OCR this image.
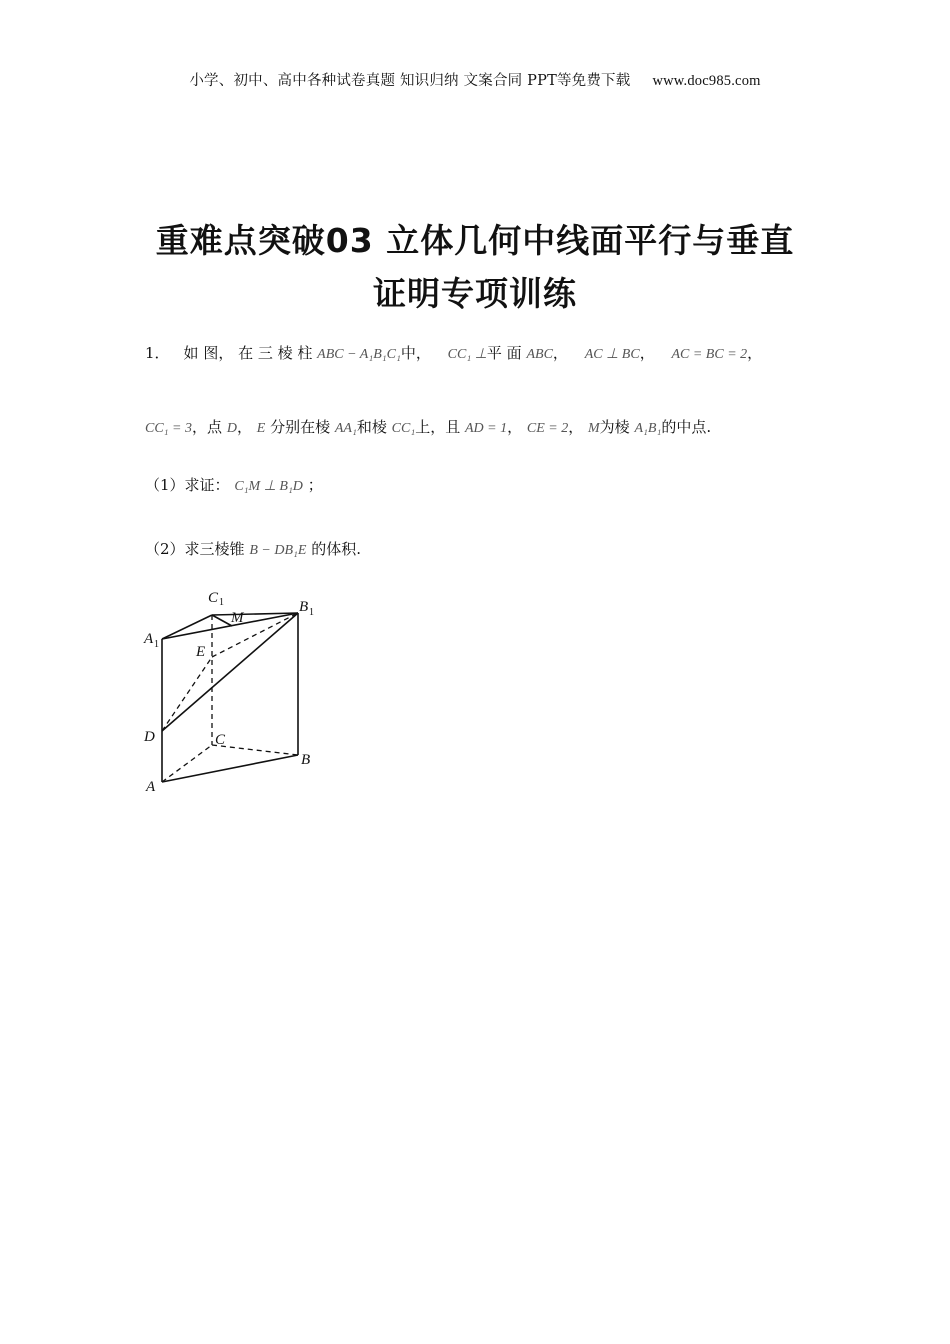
小学、初中、高中各种试卷真题 知识归纳 文案合同 PPT等免费下载 www.doc985.com
重难点突破03 立体几何中线面平行与垂直
证明专项训练
1． 如 图， 在 三 棱 柱 ABC − A₁B₁C₁中， CC₁ ⊥平 面 ABC， AC ⊥ BC， AC = BC = 2，
CC₁ = 3，点 D， E 分别在棱 AA₁和棱 CC₁上，且 AD = 1， CE = 2， M为棱 A₁B₁的中点.
（1）求证： C₁M ⊥ B₁D ；
（2）求三棱锥 B − DB₁E 的体积.
C 1	B 1
A 1
M
E
D	C
B
A
